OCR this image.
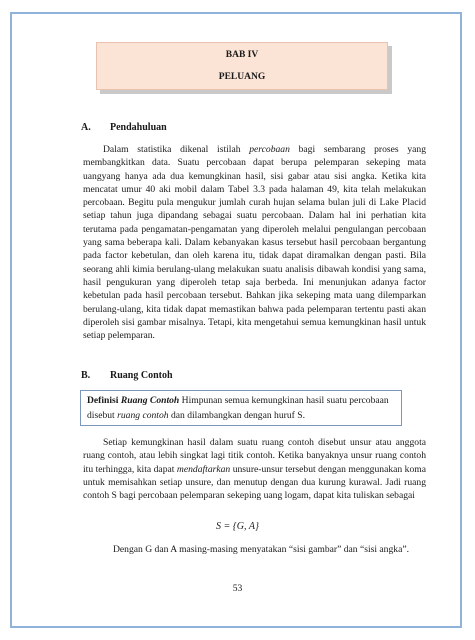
BAB IV
PELUANG
A. Pendahuluan
Dalam statistika dikenal istilah percobaan bagi sembarang proses yang membangkitkan data. Suatu percobaan dapat berupa pelemparan sekeping mata uangyang hanya ada dua kemungkinan hasil, sisi gabar atau sisi angka. Ketika kita mencatat umur 40 aki mobil dalam Tabel 3.3 pada halaman 49, kita telah melakukan percobaan. Begitu pula mengukur jumlah curah hujan selama bulan juli di Lake Placid setiap tahun juga dipandang sebagai suatu percobaan. Dalam hal ini perhatian kita terutama pada pengamatan-pengamatan yang diperoleh melalui pengulangan percobaan yang sama beberapa kali. Dalam kebanyakan kasus tersebut hasil percobaan bergantung pada factor kebetulan, dan oleh karena itu, tidak dapat diramalkan dengan pasti. Bila seorang ahli kimia berulang-ulang melakukan suatu analisis dibawah kondisi yang sama, hasil pengukuran yang diperoleh tetap saja berbeda. Ini menunjukan adanya factor kebetulan pada hasil percobaan tersebut. Bahkan jika sekeping mata uang dilemparkan berulang-ulang, kita tidak dapat memastikan bahwa pada pelemparan tertentu pasti akan diperoleh sisi gambar misalnya. Tetapi, kita mengetahui semua kemungkinan hasil untuk setiap pelemparan.
B. Ruang Contoh
Definisi Ruang Contoh Himpunan semua kemungkinan hasil suatu percobaan disebut ruang contoh dan dilambangkan dengan huruf S.
Setiap kemungkinan hasil dalam suatu ruang contoh disebut unsur atau anggota ruang contoh, atau lebih singkat lagi titik contoh. Ketika banyaknya unsur ruang contoh itu terhingga, kita dapat mendaftarkan unsure-unsur tersebut dengan menggunakan koma untuk memisahkan setiap unsure, dan menutup dengan dua kurung kurawal. Jadi ruang contoh S bagi percobaan pelemparan sekeping uang logam, dapat kita tuliskan sebagai
S = {G, A}
Dengan G dan A masing-masing menyatakan “sisi gambar” dan “sisi angka”.
53
